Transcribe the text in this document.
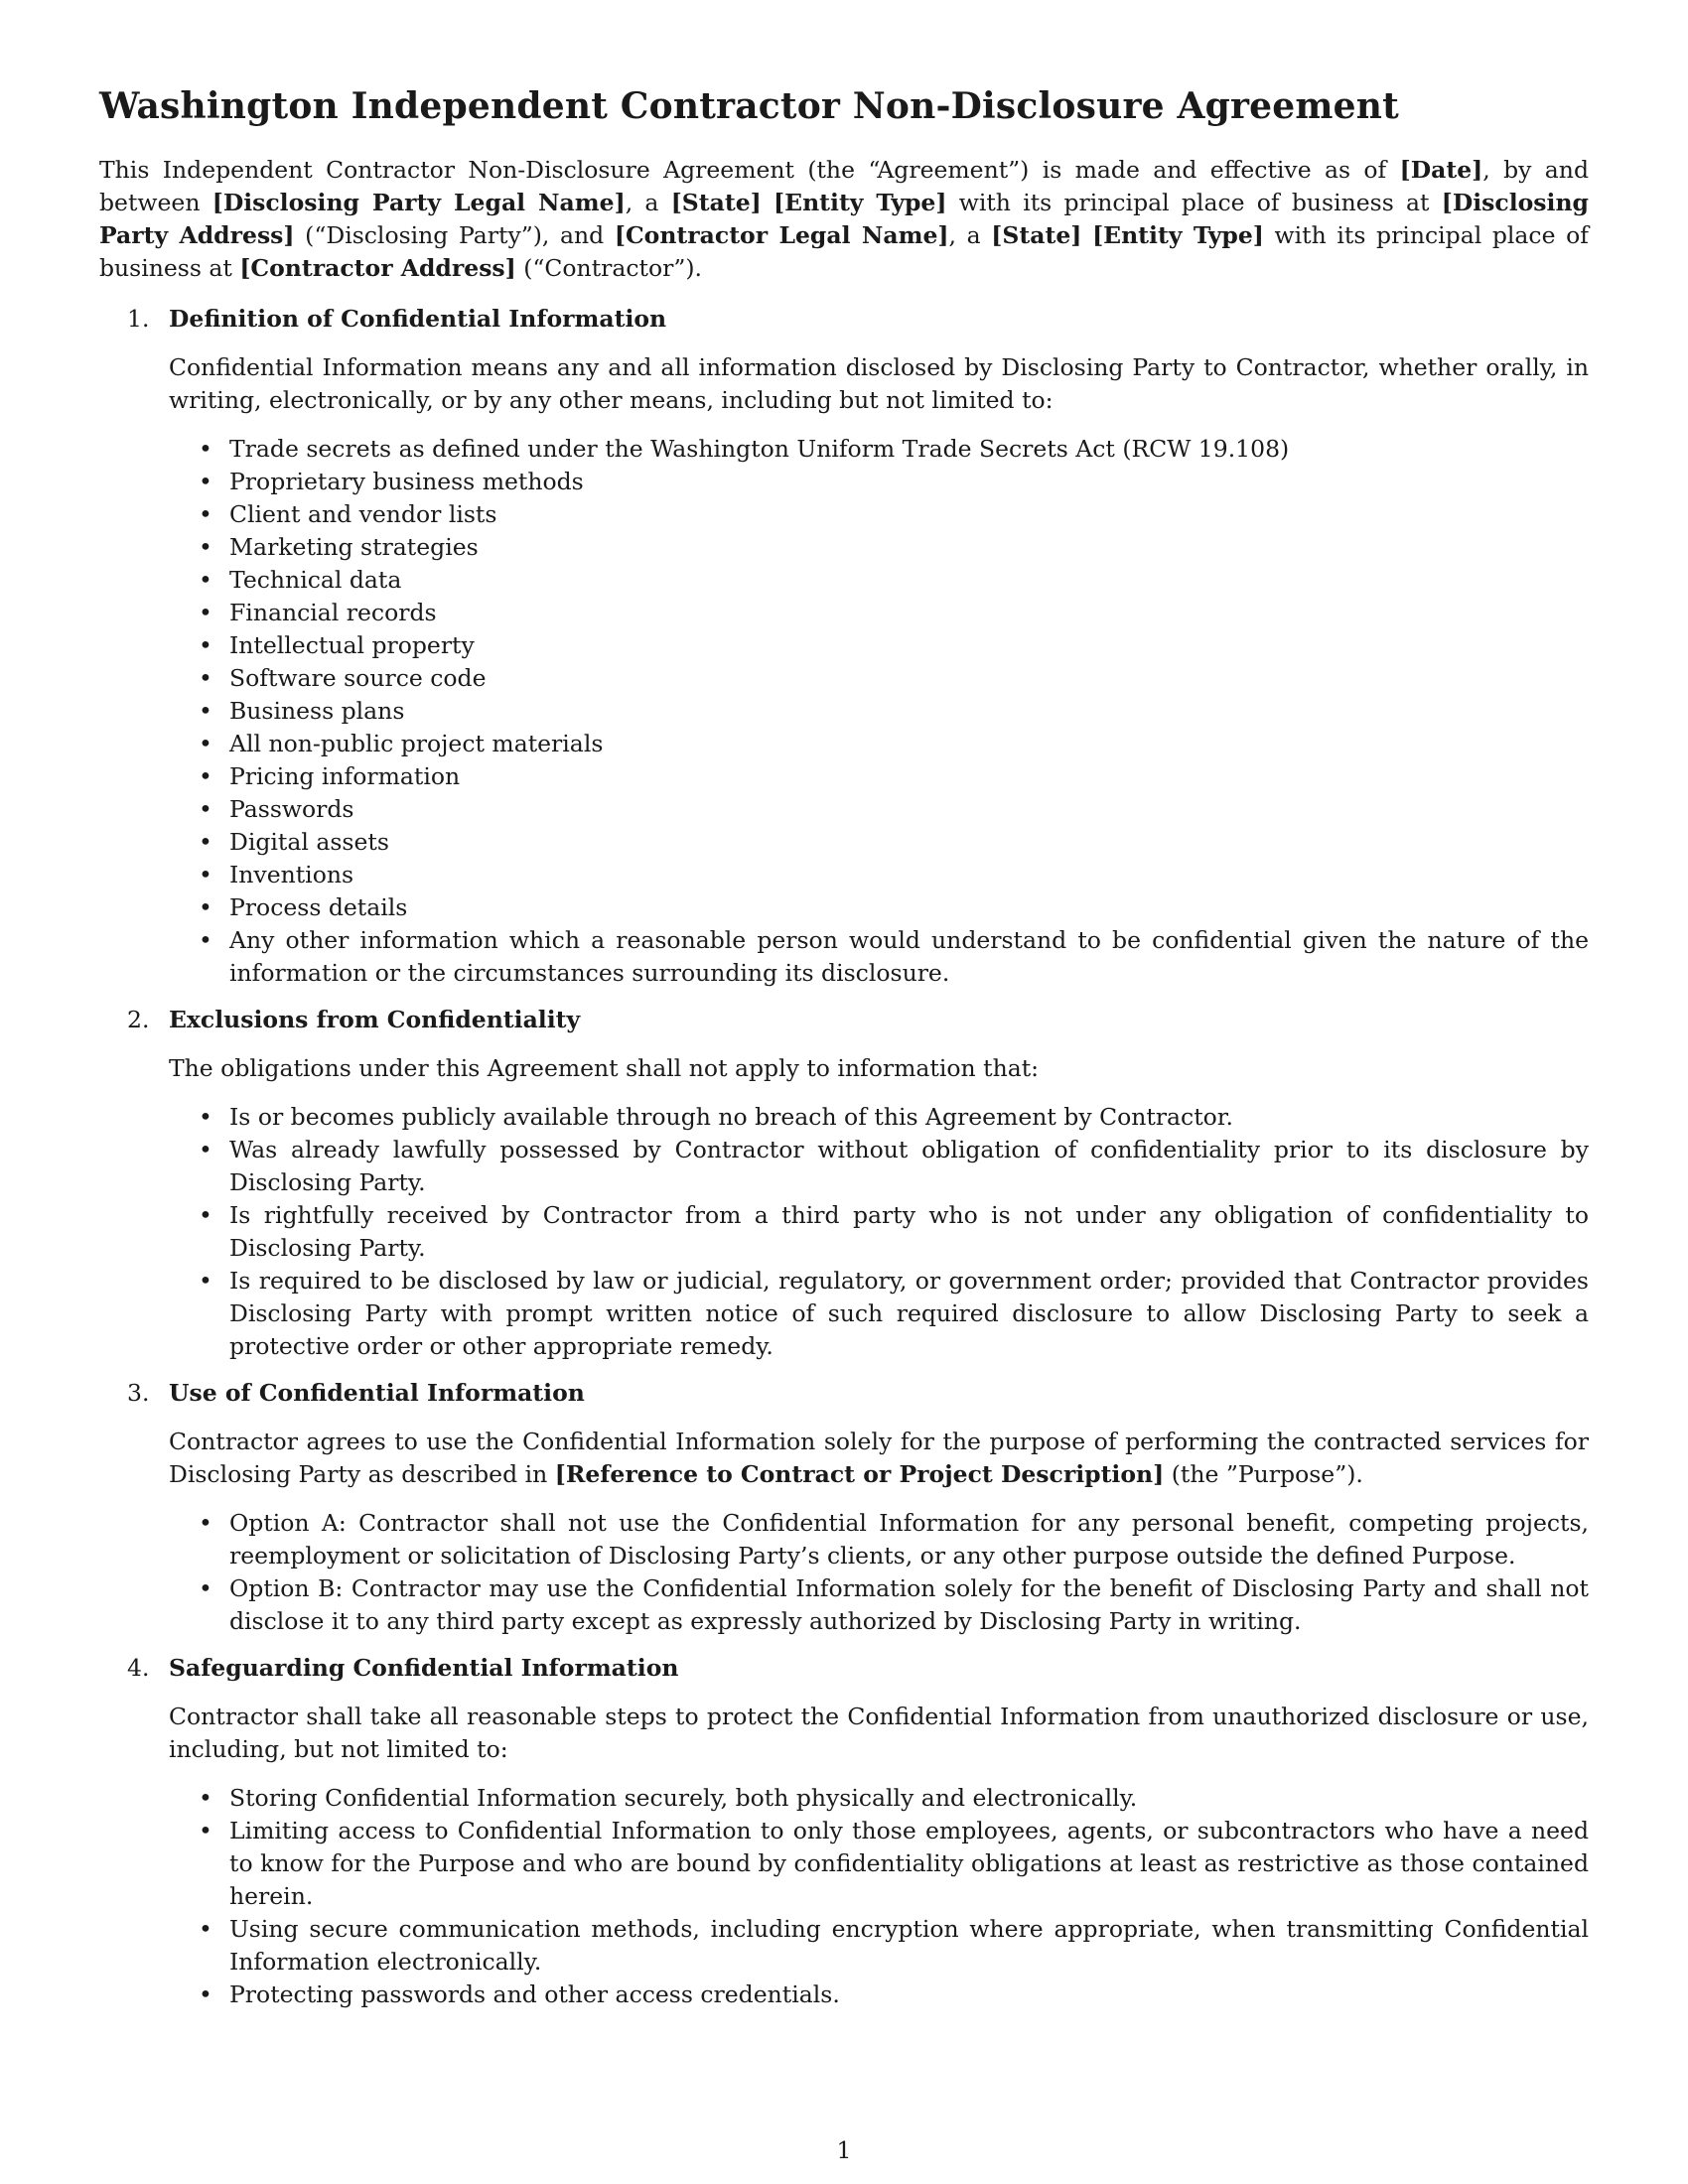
Washington Independent Contractor Non-Disclosure Agreement

This Independent Contractor Non-Disclosure Agreement (the “Agreement”) is made and effective as of [Date], by and between [Disclosing Party Legal Name], a [State] [Entity Type] with its principal place of business at [Disclosing Party Address] (“Disclosing Party”), and [Contractor Legal Name], a [State] [Entity Type] with its principal place of business at [Contractor Address] (“Contractor”).

1. Definition of Confidential Information

Confidential Information means any and all information disclosed by Disclosing Party to Contractor, whether orally, in writing, electronically, or by any other means, including but not limited to:

• Trade secrets as defined under the Washington Uniform Trade Secrets Act (RCW 19.108)
• Proprietary business methods
• Client and vendor lists
• Marketing strategies
• Technical data
• Financial records
• Intellectual property
• Software source code
• Business plans
• All non-public project materials
• Pricing information
• Passwords
• Digital assets
• Inventions
• Process details
• Any other information which a reasonable person would understand to be confidential given the nature of the information or the circumstances surrounding its disclosure.
2. Exclusions from Confidentiality

The obligations under this Agreement shall not apply to information that:

• Is or becomes publicly available through no breach of this Agreement by Contractor.
• Was already lawfully possessed by Contractor without obligation of confidentiality prior to its disclosure by Disclosing Party.
• Is rightfully received by Contractor from a third party who is not under any obligation of confidentiality to Disclosing Party.
• Is required to be disclosed by law or judicial, regulatory, or government order; provided that Contractor provides Disclosing Party with prompt written notice of such required disclosure to allow Disclosing Party to seek a protective order or other appropriate remedy.
3. Use of Confidential Information

Contractor agrees to use the Confidential Information solely for the purpose of performing the contracted services for Disclosing Party as described in [Reference to Contract or Project Description] (the ”Purpose”).

• Option A: Contractor shall not use the Confidential Information for any personal benefit, competing projects, reemployment or solicitation of Disclosing Party’s clients, or any other purpose outside the defined Purpose.
• Option B: Contractor may use the Confidential Information solely for the benefit of Disclosing Party and shall not disclose it to any third party except as expressly authorized by Disclosing Party in writing.
4. Safeguarding Confidential Information

Contractor shall take all reasonable steps to protect the Confidential Information from unauthorized disclosure or use, including, but not limited to:

• Storing Confidential Information securely, both physically and electronically.
• Limiting access to Confidential Information to only those employees, agents, or subcontractors who have a need to know for the Purpose and who are bound by confidentiality obligations at least as restrictive as those contained herein.
• Using secure communication methods, including encryption where appropriate, when transmitting Confidential Information electronically.
• Protecting passwords and other access credentials.
1
